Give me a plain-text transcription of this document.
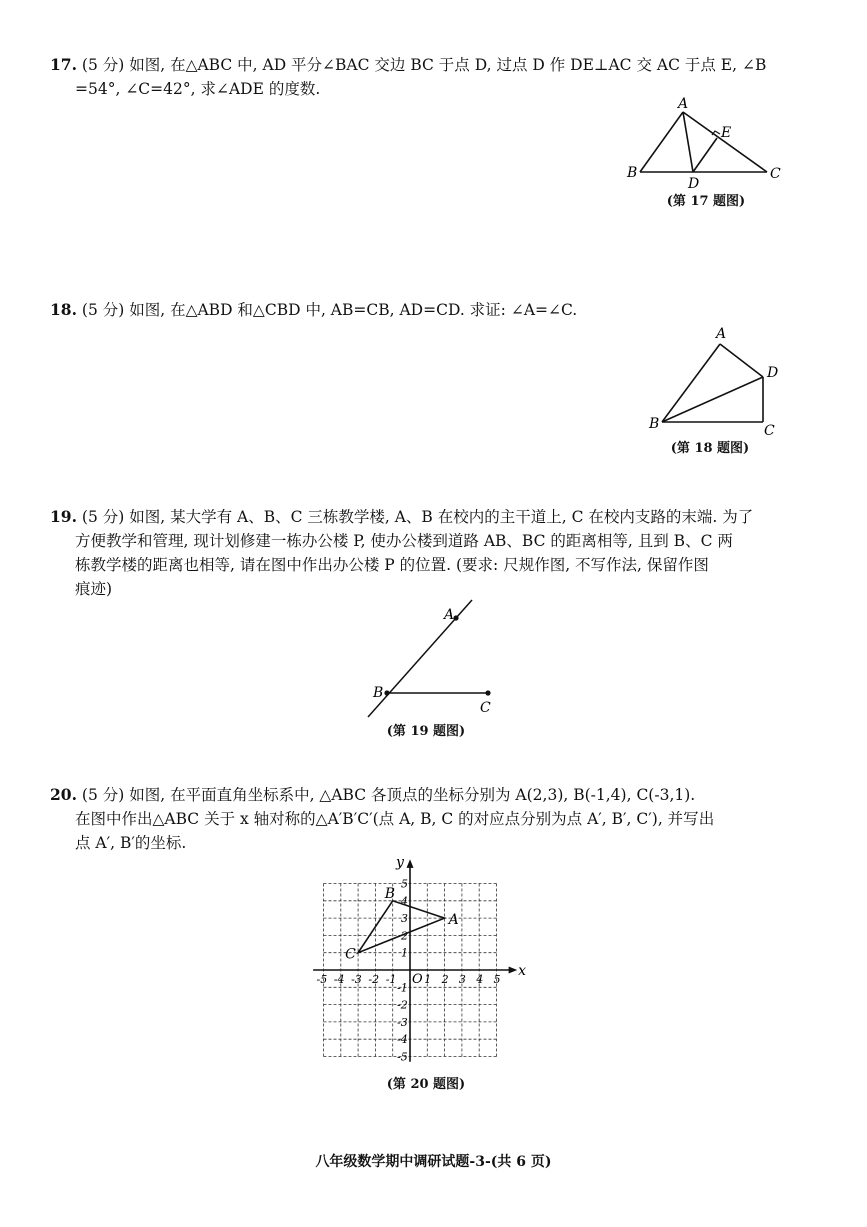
17. (5 分) 如图, 在△ABC 中, AD 平分∠BAC 交边 BC 于点 D, 过点 D 作 DE⊥AC 交 AC 于点 E, ∠B
=54°, ∠C=42°, 求∠ADE 的度数.
A
B	C
D
E
(第 17 题图)
18. (5 分) 如图, 在△ABD 和△CBD 中, AB=CB, AD=CD. 求证: ∠A=∠C.
A
D
B	C
(第 18 题图)
19. (5 分) 如图, 某大学有 A、B、C 三栋教学楼, A、B 在校内的主干道上, C 在校内支路的末端. 为了
方便教学和管理, 现计划修建一栋办公楼 P, 使办公楼到道路 AB、BC 的距离相等, 且到 B、C 两
栋教学楼的距离也相等, 请在图中作出办公楼 P 的位置. (要求: 尺规作图, 不写作法, 保留作图
痕迹)
A
B
C
(第 19 题图)
20. (5 分) 如图, 在平面直角坐标系中, △ABC 各顶点的坐标分别为 A(2,3), B(-1,4), C(-3,1).
在图中作出△ABC 关于 x 轴对称的△A′B′C′(点 A, B, C 的对应点分别为点 A′, B′, C′), 并写出
点 A′, B′的坐标.
-5 -4 -3 -2 -1	1 2 3 4 5
5
4
3
2
1
-1
-2
-3
-4
-5
A
B
C
x
y
O
(第 20 题图)
八年级数学期中调研试题-3-(共 6 页)
